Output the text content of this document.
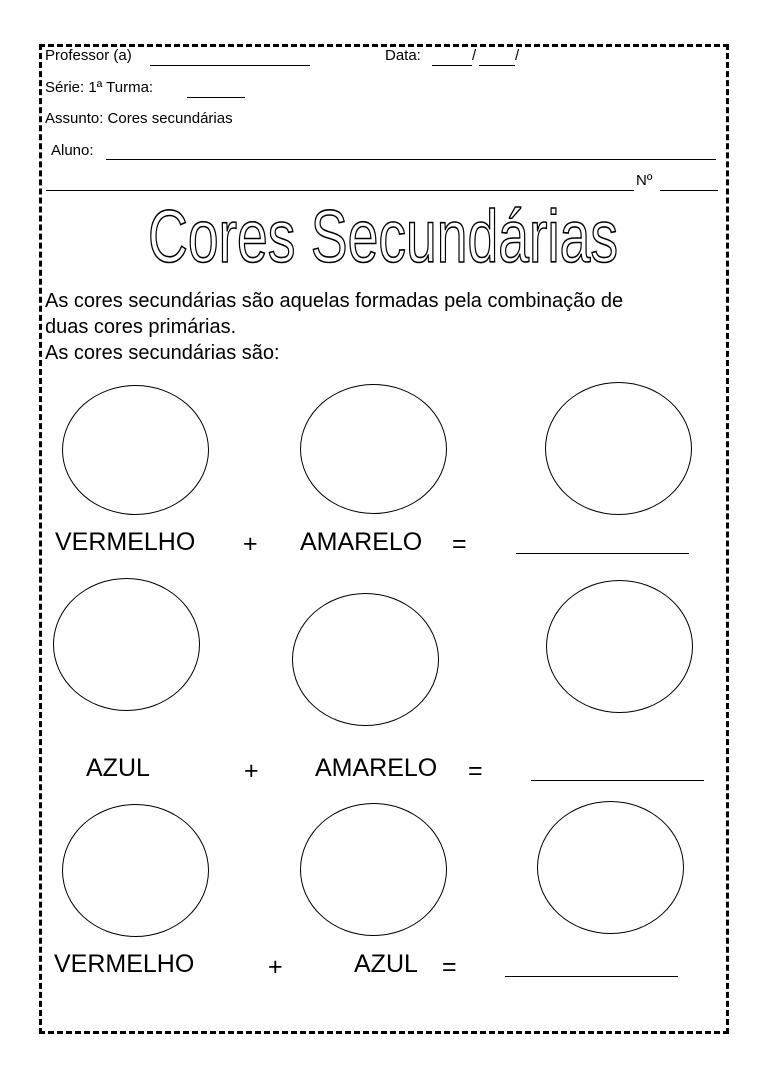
Professor (a)	Data:	/	/
Série: 1ª Turma:
Assunto: Cores secundárias
Aluno:
Nº
Cores Secundárias
As cores secundárias são aquelas formadas pela combinação de
duas cores primárias.
As cores secundárias são:
VERMELHO + AMARELO =
AZUL	+ AMARELO =
VERMELHO	+	AZUL =
